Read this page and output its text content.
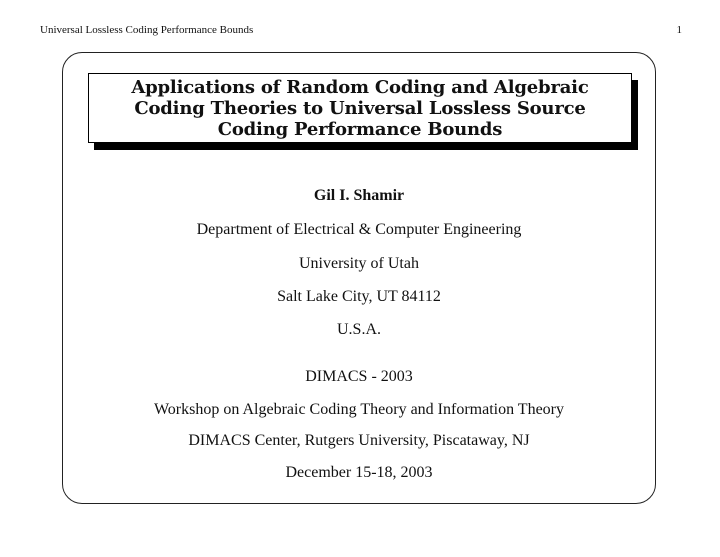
Universal Lossless Coding Performance Bounds	1
Applications of Random Coding and Algebraic
Coding Theories to Universal Lossless Source
Coding Performance Bounds
Gil I. Shamir
Department of Electrical & Computer Engineering
University of Utah
Salt Lake City, UT 84112
U.S.A.
DIMACS - 2003
Workshop on Algebraic Coding Theory and Information Theory
DIMACS Center, Rutgers University, Piscataway, NJ
December 15-18, 2003
